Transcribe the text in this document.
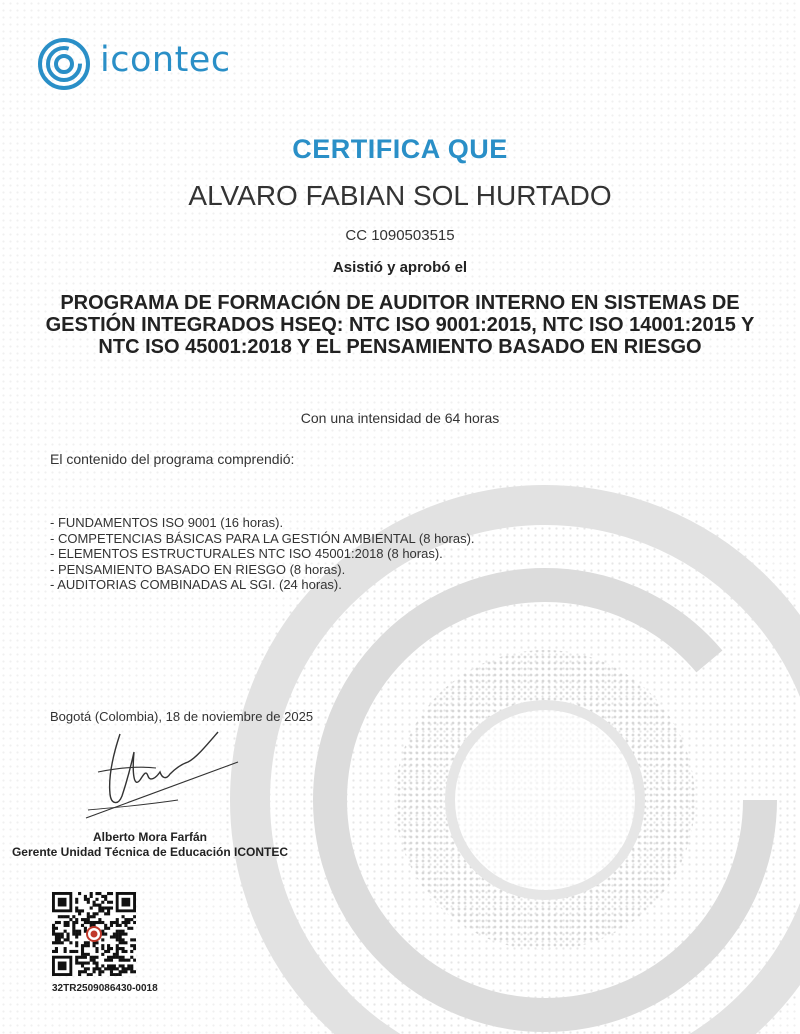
icontec
CERTIFICA QUE
ALVARO FABIAN SOL HURTADO
CC 1090503515
Asistió y aprobó el
PROGRAMA DE FORMACIÓN DE AUDITOR INTERNO EN SISTEMAS DE GESTIÓN INTEGRADOS HSEQ: NTC ISO 9001:2015, NTC ISO 14001:2015 Y NTC ISO 45001:2018 Y EL PENSAMIENTO BASADO EN RIESGO
Con una intensidad de 64 horas
El contenido del programa comprendió:
- FUNDAMENTOS ISO 9001 (16 horas).
- COMPETENCIAS BÁSICAS PARA LA GESTIÓN AMBIENTAL (8 horas).
- ELEMENTOS ESTRUCTURALES NTC ISO 45001:2018 (8 horas).
- PENSAMIENTO BASADO EN RIESGO (8 horas).
- AUDITORIAS COMBINADAS AL SGI. (24 horas).
Bogotá (Colombia), 18 de noviembre de 2025
Alberto Mora Farfán
Gerente Unidad Técnica de Educación ICONTEC
32TR2509086430-0018
